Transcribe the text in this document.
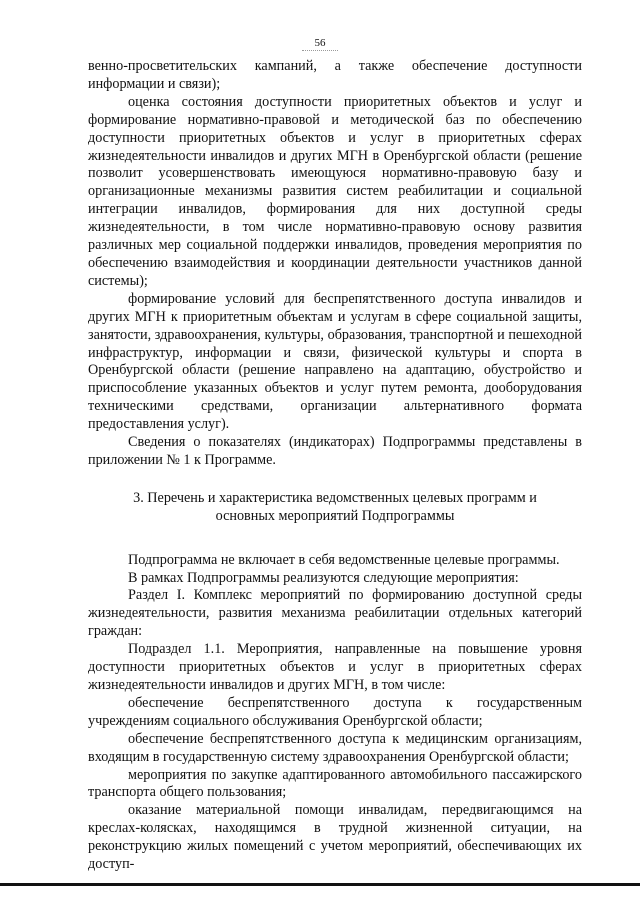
56

венно-просветительских кампаний, а также обеспечение доступности информации и связи);

оценка состояния доступности приоритетных объектов и услуг и формирование нормативно-правовой и методической баз по обеспечению доступности приоритетных объектов и услуг в приоритетных сферах жизнедеятельности инвалидов и других МГН в Оренбургской области (решение позволит усовершенствовать имеющуюся нормативно-правовую базу и организационные механизмы развития систем реабилитации и социальной интеграции инвалидов, формирования для них доступной среды жизнедеятельности, в том числе нормативно-правовую основу развития различных мер социальной поддержки инвалидов, проведения мероприятия по обеспечению взаимодействия и координации деятельности участников данной системы);

формирование условий для беспрепятственного доступа инвалидов и других МГН к приоритетным объектам и услугам в сфере социальной защиты, занятости, здравоохранения, культуры, образования, транспортной и пешеходной инфраструктур, информации и связи, физической культуры и спорта в Оренбургской области (решение направлено на адаптацию, обустройство и приспособление указанных объектов и услуг путем ремонта, дооборудования техническими средствами, организации альтернативного формата предоставления услуг).

Сведения о показателях (индикаторах) Подпрограммы представлены в приложении № 1 к Программе.

3. Перечень и характеристика ведомственных целевых программ и
основных мероприятий Подпрограммы

Подпрограмма не включает в себя ведомственные целевые программы.

В рамках Подпрограммы реализуются следующие мероприятия:

Раздел I. Комплекс мероприятий по формированию доступной среды жизнедеятельности, развития механизма реабилитации отдельных категорий граждан:

Подраздел 1.1. Мероприятия, направленные на повышение уровня доступности приоритетных объектов и услуг в приоритетных сферах жизнедеятельности инвалидов и других МГН, в том числе:

обеспечение беспрепятственного доступа к государственным учреждениям социального обслуживания Оренбургской области;

обеспечение беспрепятственного доступа к медицинским организациям, входящим в государственную систему здравоохранения Оренбургской области;

мероприятия по закупке адаптированного автомобильного пассажирского транспорта общего пользования;

оказание материальной помощи инвалидам, передвигающимся на креслах-колясках, находящимся в трудной жизненной ситуации, на реконструкцию жилых помещений с учетом мероприятий, обеспечивающих их доступ-
